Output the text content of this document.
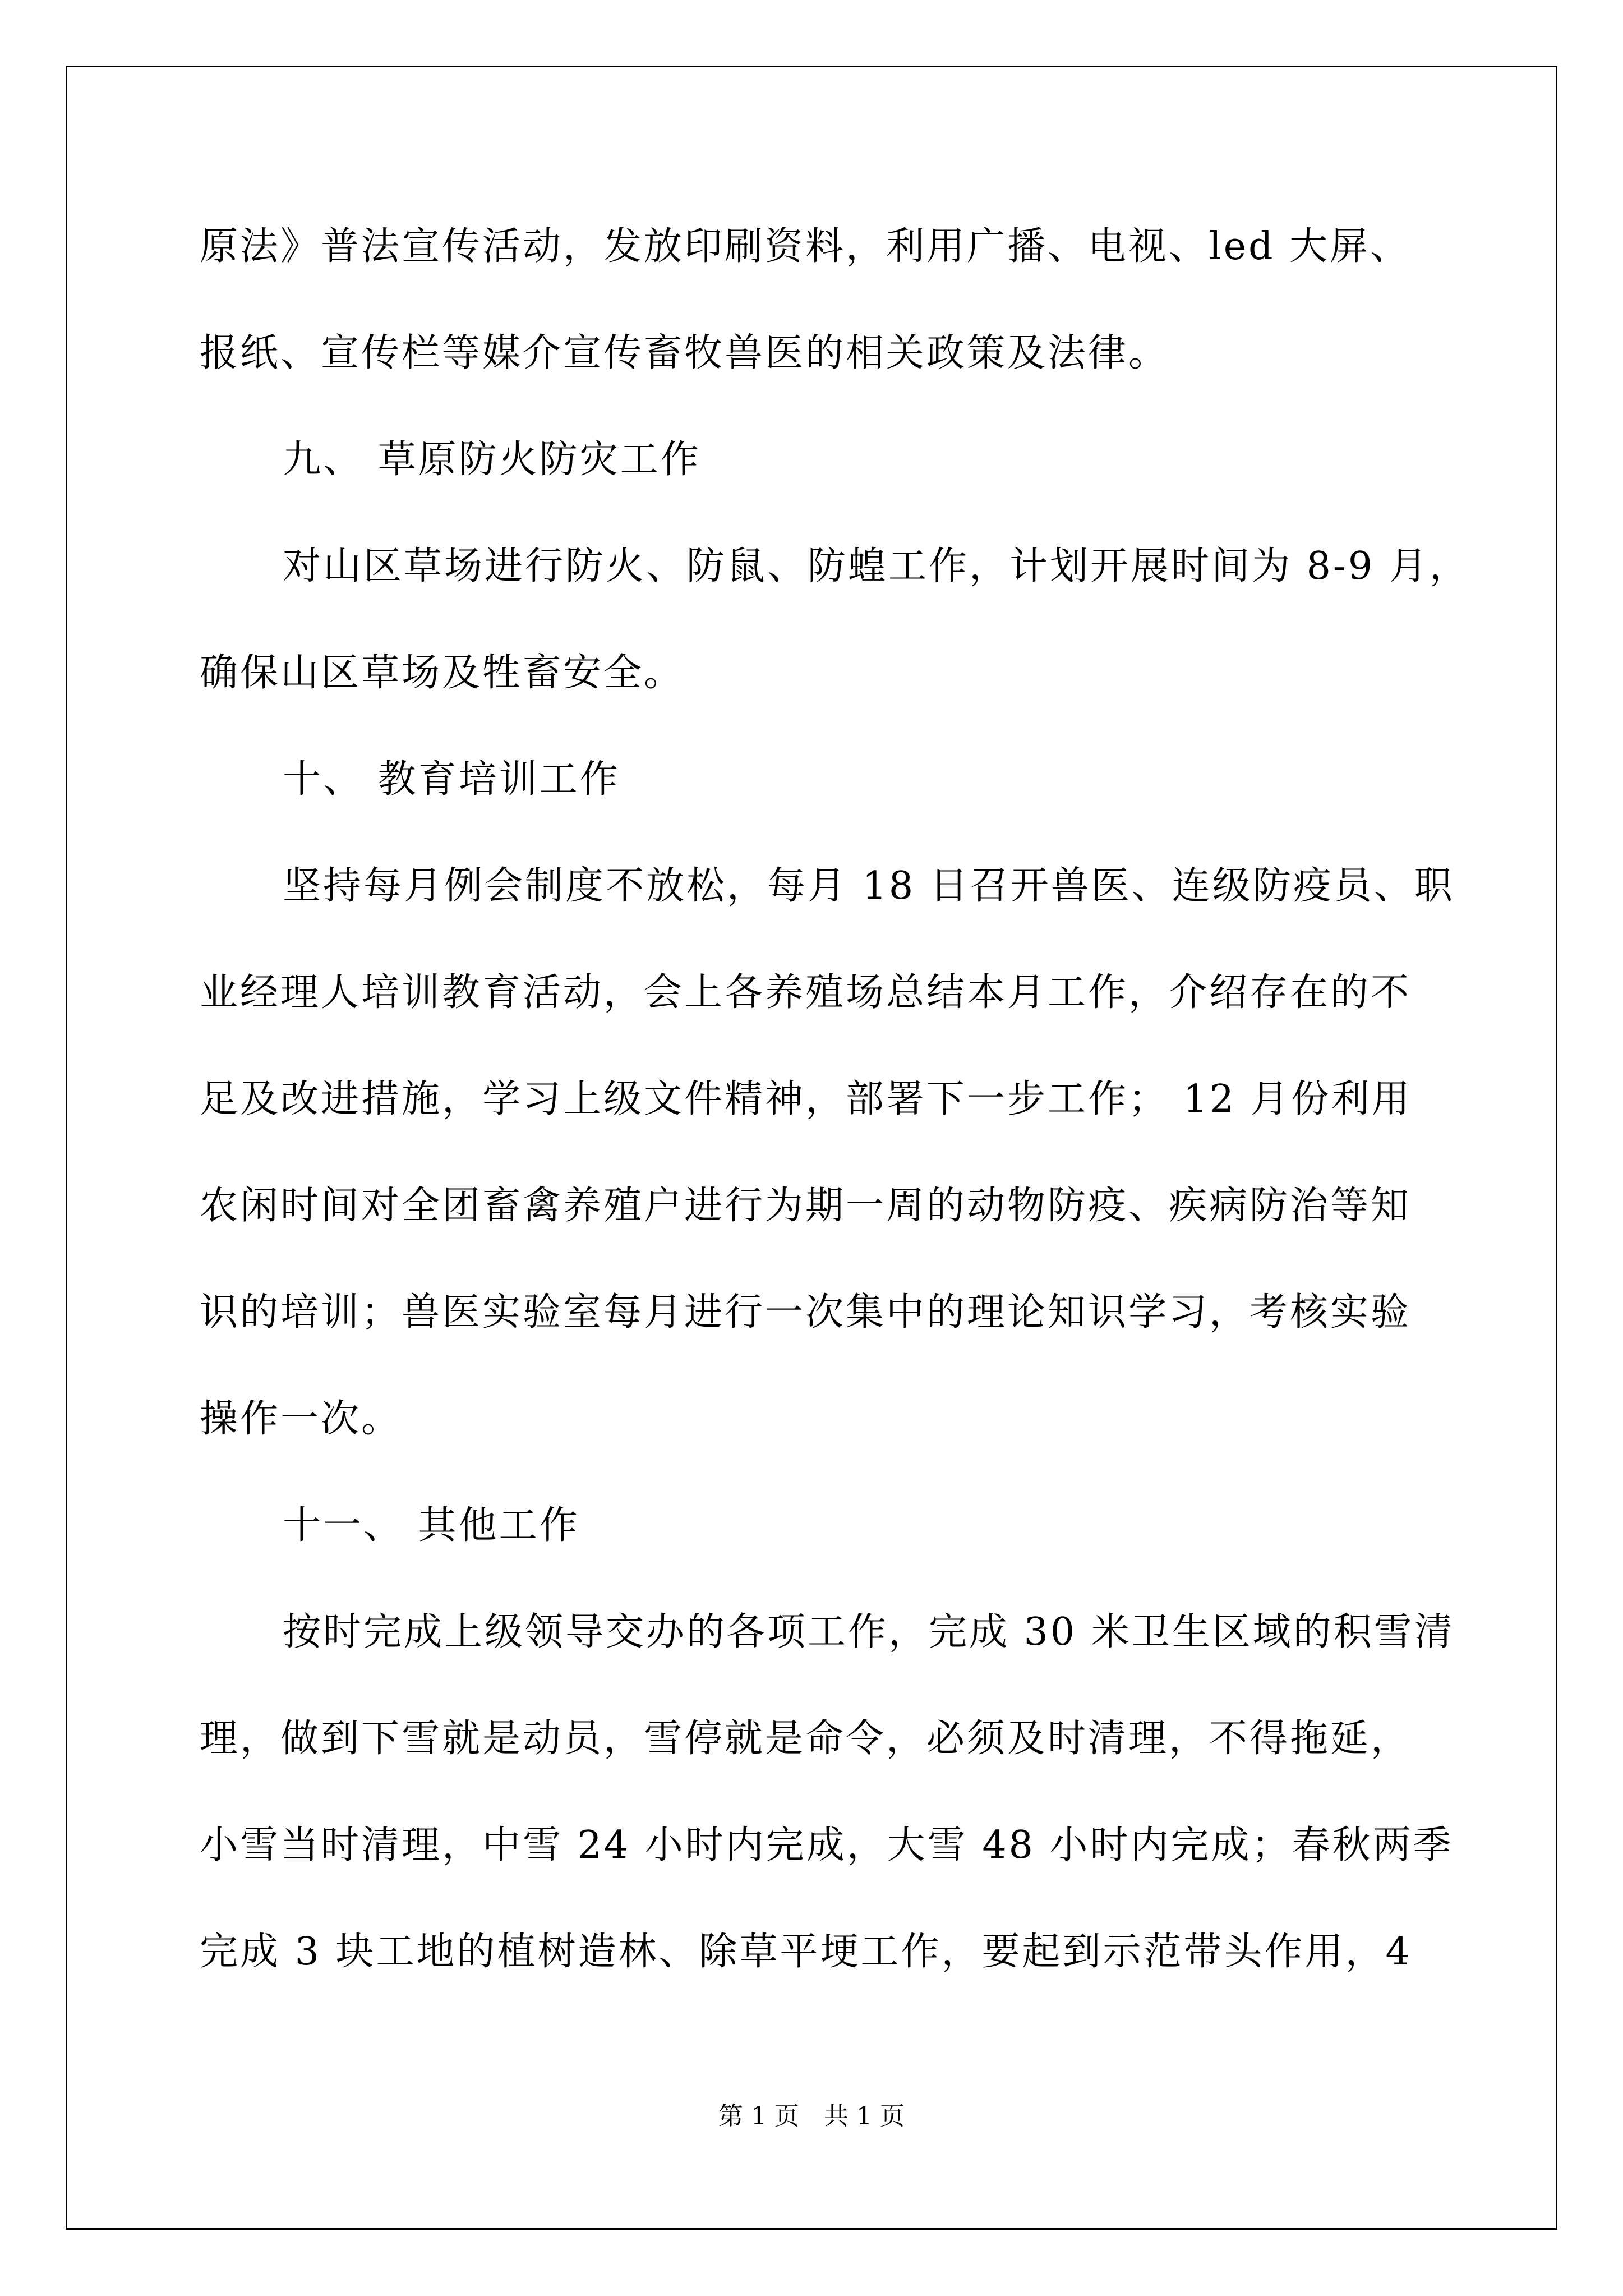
原法》普法宣传活动，发放印刷资料，利用广播、电视、led 大屏、
报纸、宣传栏等媒介宣传畜牧兽医的相关政策及法律。
九、 草原防火防灾工作
对山区草场进行防火、防鼠、防蝗工作，计划开展时间为 8-9 月，
确保山区草场及牲畜安全。
十、 教育培训工作
坚持每月例会制度不放松，每月 18 日召开兽医、连级防疫员、职
业经理人培训教育活动，会上各养殖场总结本月工作，介绍存在的不
足及改进措施，学习上级文件精神，部署下一步工作； 12 月份利用
农闲时间对全团畜禽养殖户进行为期一周的动物防疫、疾病防治等知
识的培训；兽医实验室每月进行一次集中的理论知识学习，考核实验
操作一次。
十一、 其他工作
按时完成上级领导交办的各项工作，完成 30 米卫生区域的积雪清
理，做到下雪就是动员，雪停就是命令，必须及时清理，不得拖延，
小雪当时清理，中雪 24 小时内完成，大雪 48 小时内完成；春秋两季
完成 3 块工地的植树造林、除草平埂工作，要起到示范带头作用，4
第 1 页　共 1 页
